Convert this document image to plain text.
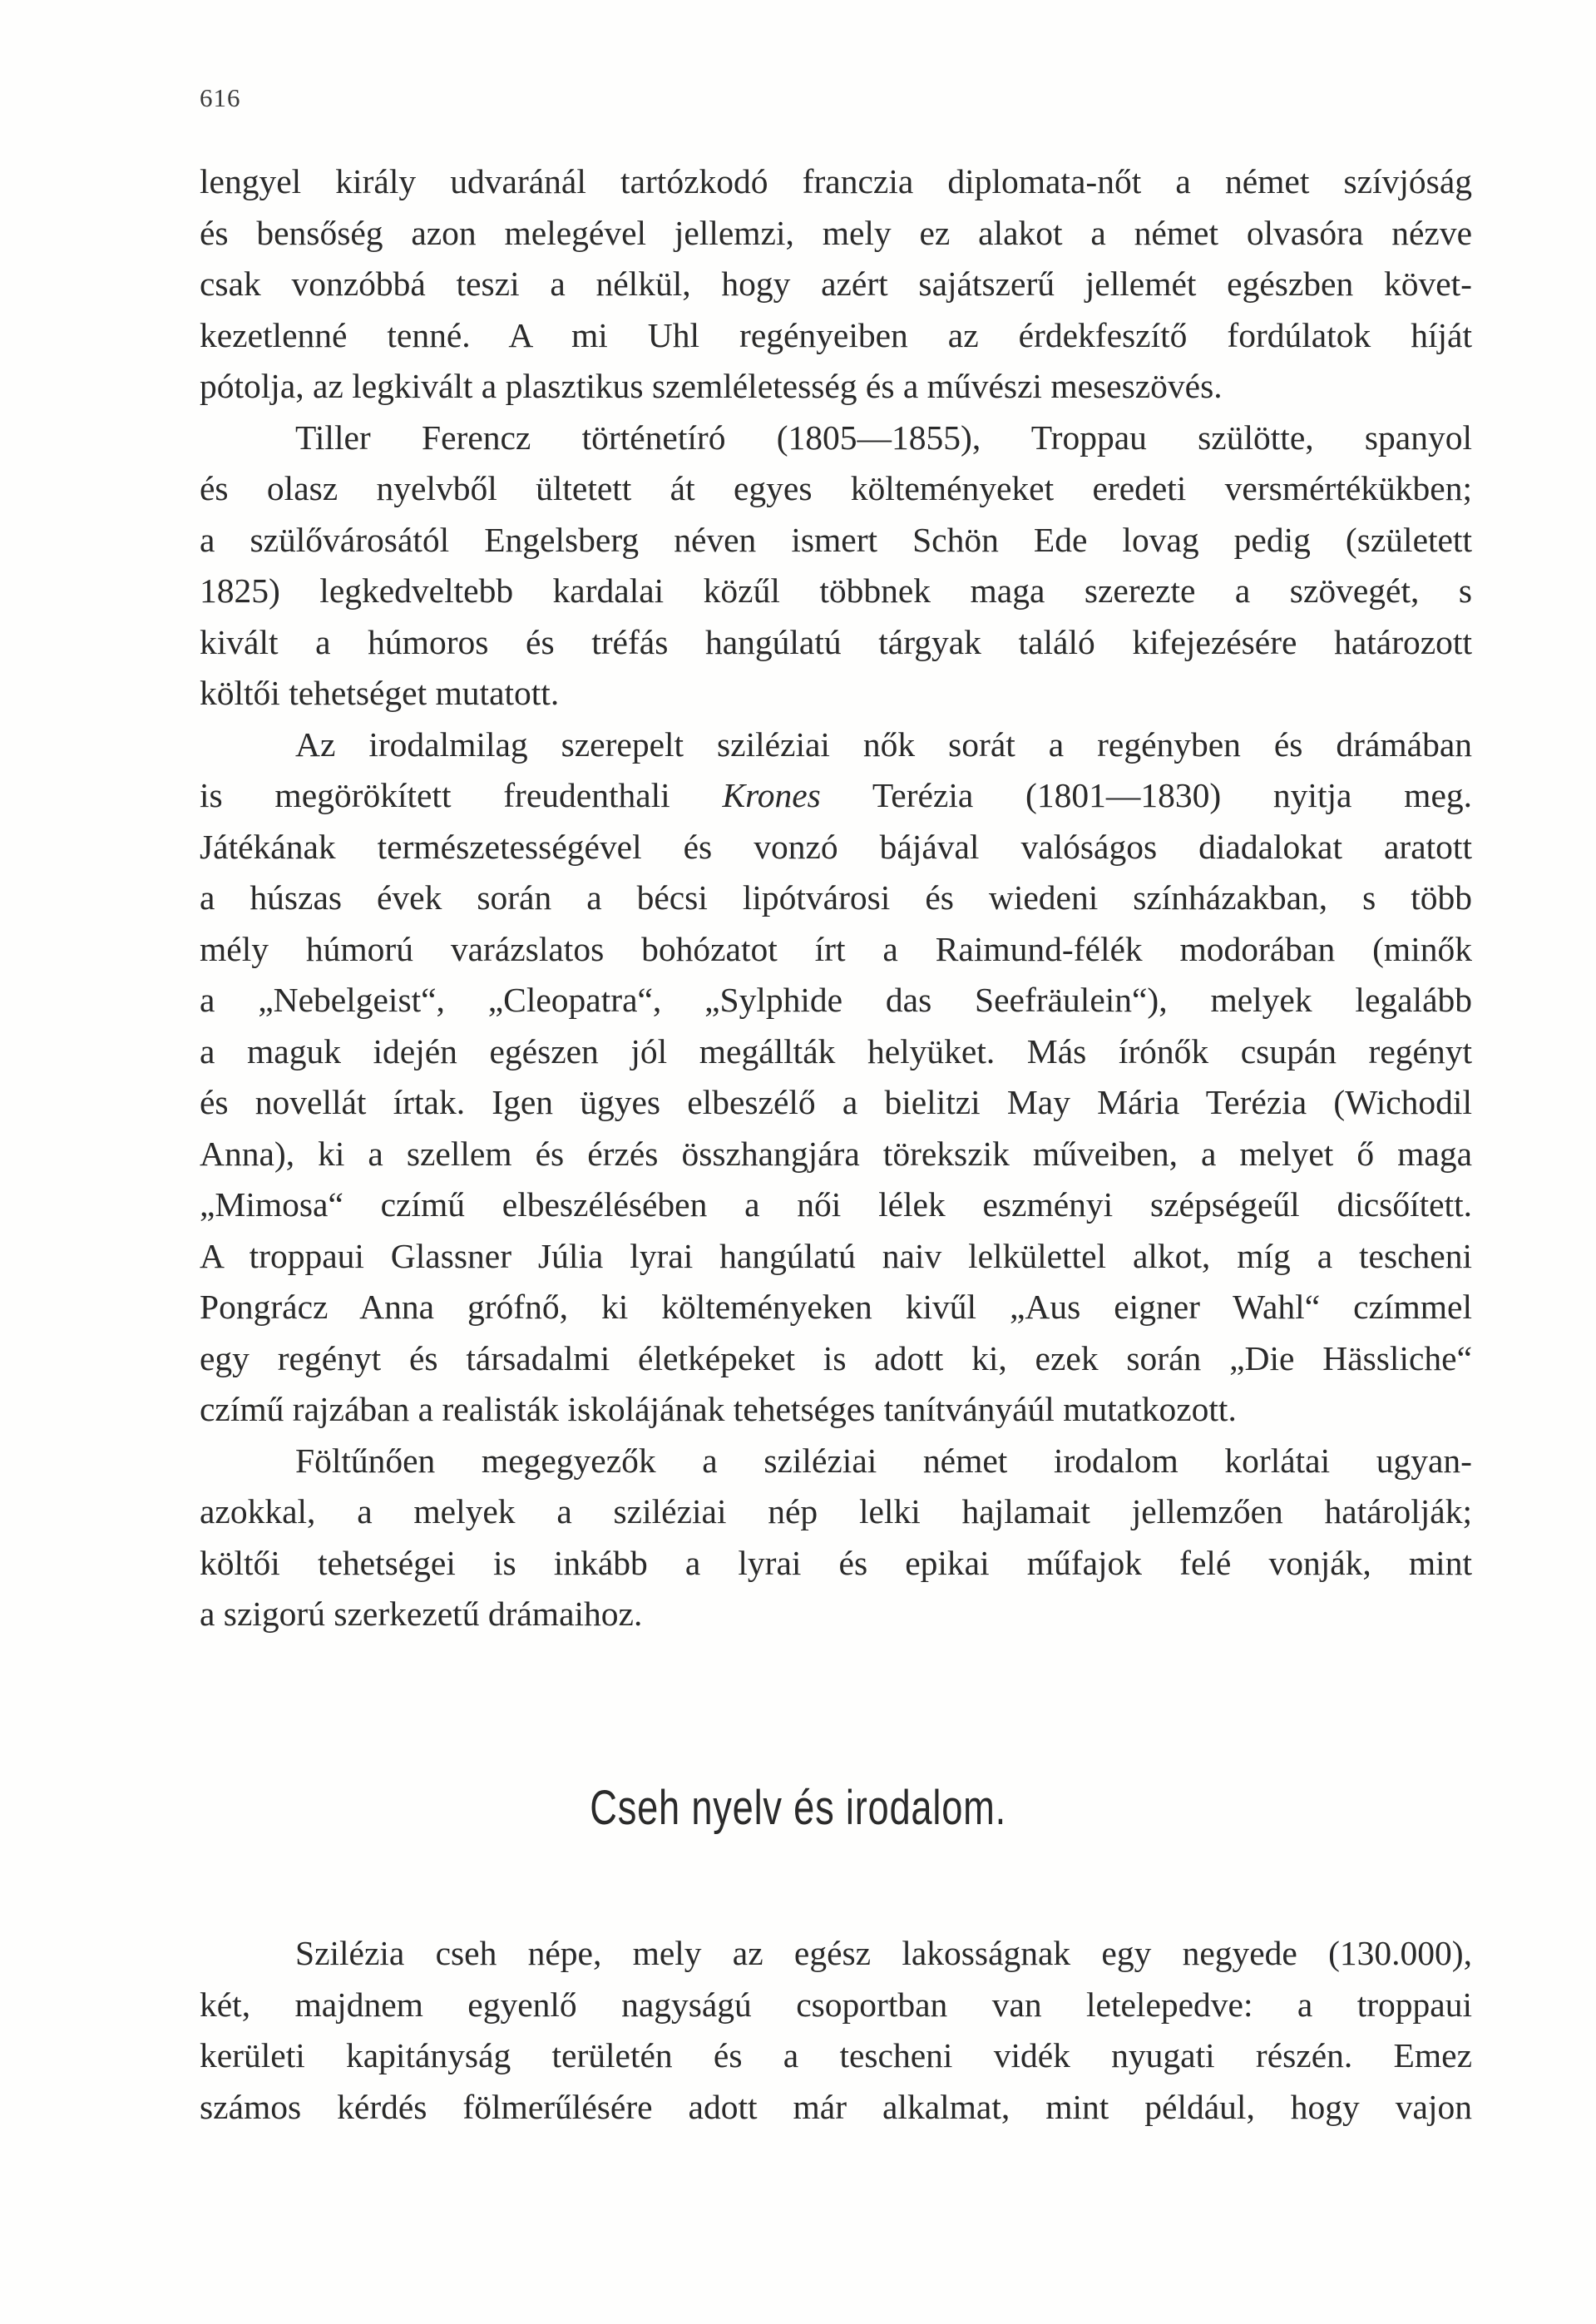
616
lengyel király udvaránál tartózkodó franczia diplomata-nőt a német szívjóság
és bensőség azon melegével jellemzi, mely ez alakot a német olvasóra nézve
csak vonzóbbá teszi a nélkül, hogy azért sajátszerű jellemét egészben követ-
kezetlenné tenné. A mi Uhl regényeiben az érdekfeszítő fordúlatok híját
pótolja, az legkivált a plasztikus szemléletesség és a művészi meseszövés.
Tiller Ferencz történetíró (1805—1855), Troppau szülötte, spanyol
és olasz nyelvből ültetett át egyes költeményeket eredeti versmértékükben;
a szülővárosától Engelsberg néven ismert Schön Ede lovag pedig (született
1825) legkedveltebb kardalai közűl többnek maga szerezte a szövegét, s
kivált a húmoros és tréfás hangúlatú tárgyak találó kifejezésére határozott
költői tehetséget mutatott.
Az irodalmilag szerepelt sziléziai nők sorát a regényben és drámában
is megörökített freudenthali Krones Terézia (1801—1830) nyitja meg.
Játékának természetességével és vonzó bájával valóságos diadalokat aratott
a húszas évek során a bécsi lipótvárosi és wiedeni színházakban, s több
mély húmorú varázslatos bohózatot írt a Raimund-félék modorában (minők
a „Nebelgeist“, „Cleopatra“, „Sylphide das Seefräulein“), melyek legalább
a maguk idején egészen jól megállták helyüket. Más írónők csupán regényt
és novellát írtak. Igen ügyes elbeszélő a bielitzi May Mária Terézia (Wichodil
Anna), ki a szellem és érzés összhangjára törekszik műveiben, a melyet ő maga
„Mimosa“ czímű elbeszélésében a női lélek eszményi szépségeűl dicsőített.
A troppaui Glassner Júlia lyrai hangúlatú naiv lelkülettel alkot, míg a tescheni
Pongrácz Anna grófnő, ki költeményeken kivűl „Aus eigner Wahl“ czímmel
egy regényt és társadalmi életképeket is adott ki, ezek során „Die Hässliche“
czímű rajzában a realisták iskolájának tehetséges tanítványáúl mutatkozott.
Föltűnően megegyezők a sziléziai német irodalom korlátai ugyan-
azokkal, a melyek a sziléziai nép lelki hajlamait jellemzően határolják;
költői tehetségei is inkább a lyrai és epikai műfajok felé vonják, mint
a szigorú szerkezetű drámaihoz.
Cseh nyelv és irodalom.
Szilézia cseh népe, mely az egész lakosságnak egy negyede (130.000),
két, majdnem egyenlő nagyságú csoportban van letelepedve: a troppaui
kerületi kapitányság területén és a tescheni vidék nyugati részén. Emez
számos kérdés fölmerűlésére adott már alkalmat, mint például, hogy vajon
